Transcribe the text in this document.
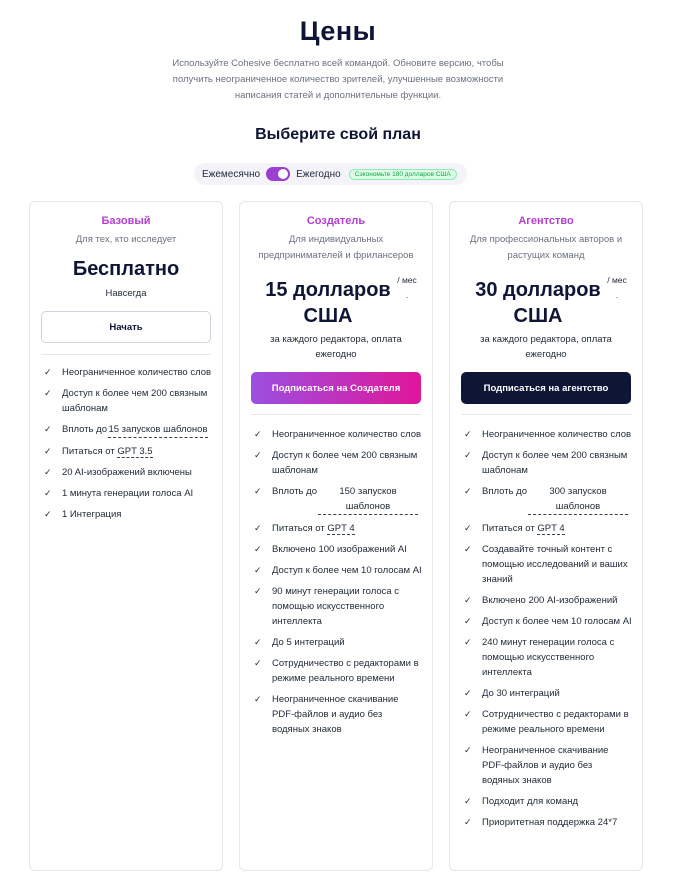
Цены

Используйте Cohesive бесплатно всей командой. Обновите версию, чтобы получить неограниченное количество зрителей, улучшенные возможности написания статей и дополнительные функции.

Выберите свой план
Ежемесячно	Ежегодно	Сэкономьте 180 долларов США
Базовый
Для тех, кто исследует
Бесплатно
Навсегда
Начать
✓ Неограниченное количество слов
✓ Доступ к более чем 200 связным шаблонам
✓ Вплоть до15 запусков шаблонов
✓ Питаться от GPT 3.5
✓ 20 AI-изображений включены
✓ 1 минута генерации голоса AI
✓ 1 Интеграция
Создатель
Для индивидуальных предпринимателей и фрилансеров
15 долларов США
/ мес .
за каждого редактора, оплата ежегодно
Подписаться на Создателя
✓ Неограниченное количество слов
✓ Доступ к более чем 200 связным шаблонам
✓ Вплоть до 150 запусков шаблонов
✓ Питаться от GPT 4
✓ Включено 100 изображений AI
✓ Доступ к более чем 10 голосам AI
✓ 90 минут генерации голоса с помощью искусственного интеллекта
✓ До 5 интеграций
✓ Сотрудничество с редакторами в режиме реального времени
✓ Неограниченное скачивание PDF-файлов и аудио без водяных знаков
Агентство
Для профессиональных авторов и растущих команд
30 долларов США
/ мес .
за каждого редактора, оплата ежегодно
Подписаться на агентство
✓ Неограниченное количество слов
✓ Доступ к более чем 200 связным шаблонам
✓ Вплоть до 300 запусков шаблонов
✓ Питаться от GPT 4
✓ Создавайте точный контент с помощью исследований и ваших знаний
✓ Включено 200 AI-изображений
✓ Доступ к более чем 10 голосам AI
✓ 240 минут генерации голоса с помощью искусственного интеллекта
✓ До 30 интеграций
✓ Сотрудничество с редакторами в режиме реального времени
✓ Неограниченное скачивание PDF-файлов и аудио без водяных знаков
✓ Подходит для команд
✓ Приоритетная поддержка 24*7
